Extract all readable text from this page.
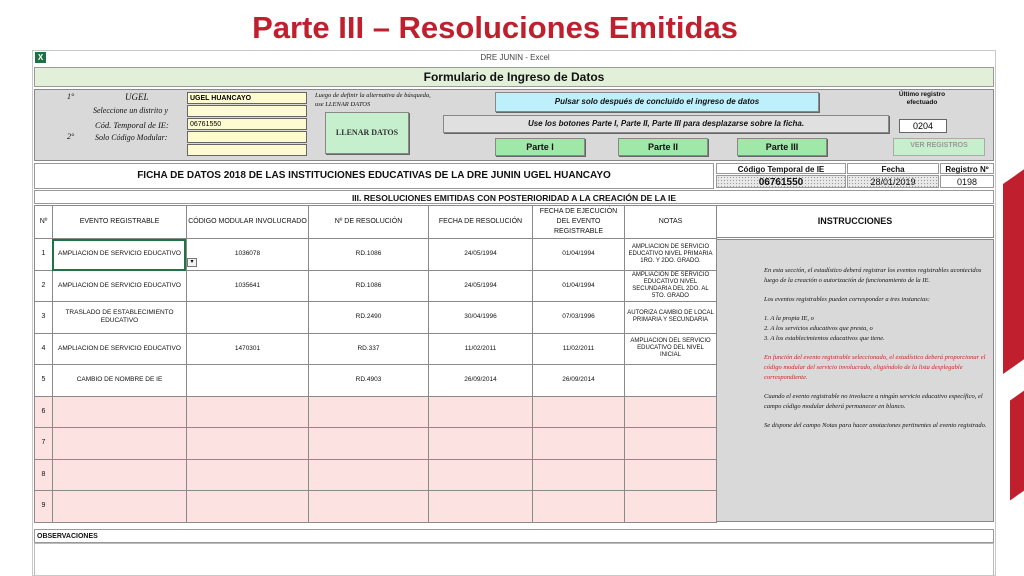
Parte III – Resoluciones Emitidas
X	DRE JUNIN - Excel
Formulario de Ingreso de Datos
1°	UGEL	UGEL HUANCAYO
Seleccione un distrito y
Cód. Temporal de IE:	06761550
2°	Solo Código Modular:
Luego de definir la alternativa de búsqueda, use LLENAR DATOS
LLENAR DATOS
Pulsar solo después de concluido el ingreso de datos
Use los botones Parte I, Parte II, Parte III para desplazarse sobre la ficha.
Parte I	Parte II	Parte III	VER REGISTROS
Último registro efectuado
0204
FICHA DE DATOS 2018 DE LAS INSTITUCIONES EDUCATIVAS DE LA DRE JUNIN UGEL HUANCAYO
Código Temporal de IE	Fecha	Registro Nº
06761550	28/01/2019	0198
III. RESOLUCIONES EMITIDAS CON POSTERIORIDAD A LA CREACIÓN DE LA IE
Nº	EVENTO REGISTRABLE	CÓDIGO MODULAR INVOLUCRADO	Nº DE RESOLUCIÓN	FECHA DE RESOLUCIÓN	FECHA DE EJECUCIÓN DEL EVENTO REGISTRABLE	NOTAS
1	AMPLIACION DE SERVICIO EDUCATIVO	1036078	RD.1086	24/05/1994	01/04/1994	AMPLIACION DE SERVICIO EDUCATIVO NIVEL PRIMARIA 1RO. Y 2DO. GRADO.
2	AMPLIACION DE SERVICIO EDUCATIVO	1035641	RD.1086	24/05/1994	01/04/1994	AMPLIACION DE SERVICIO EDUCATIVO NIVEL SECUNDARIA DEL 2DO. AL 5TO. GRADO
3	TRASLADO DE ESTABLECIMIENTO EDUCATIVO		RD.2490	30/04/1996	07/03/1996	AUTORIZA CAMBIO DE LOCAL PRIMARIA Y SECUNDARIA
4	AMPLIACION DE SERVICIO EDUCATIVO	1470301	RD.337	11/02/2011	11/02/2011	AMPLIACION DEL SERVICIO EDUCATIVO DEL NIVEL INICIAL
5	CAMBIO DE NOMBRE DE IE		RD.4903	26/09/2014	26/09/2014	
6						
7						
8						
9						
▾
INSTRUCCIONES

En esta sección, el estadístico deberá registrar los eventos registrables acontecidos luego de la creación o autorización de funcionamiento de la IE.

Los eventos registrables pueden corresponder a tres instancias:

1. A la propia IE, o

2. A los servicios educativos que presta, o

3. A los establecimientos educativos que tiene.

En función del evento registrable seleccionado, el estadístico deberá proporcionar el código modular del servicio involucrado, eligiéndolo de la lista desplegable correspondiente.

Cuando el evento registrable no involucre a ningún servicio educativo específico, el campo código modular deberá permanecer en blanco.

Se dispone del campo Notas para hacer anotaciones pertinentes al evento registrado.

OBSERVACIONES
